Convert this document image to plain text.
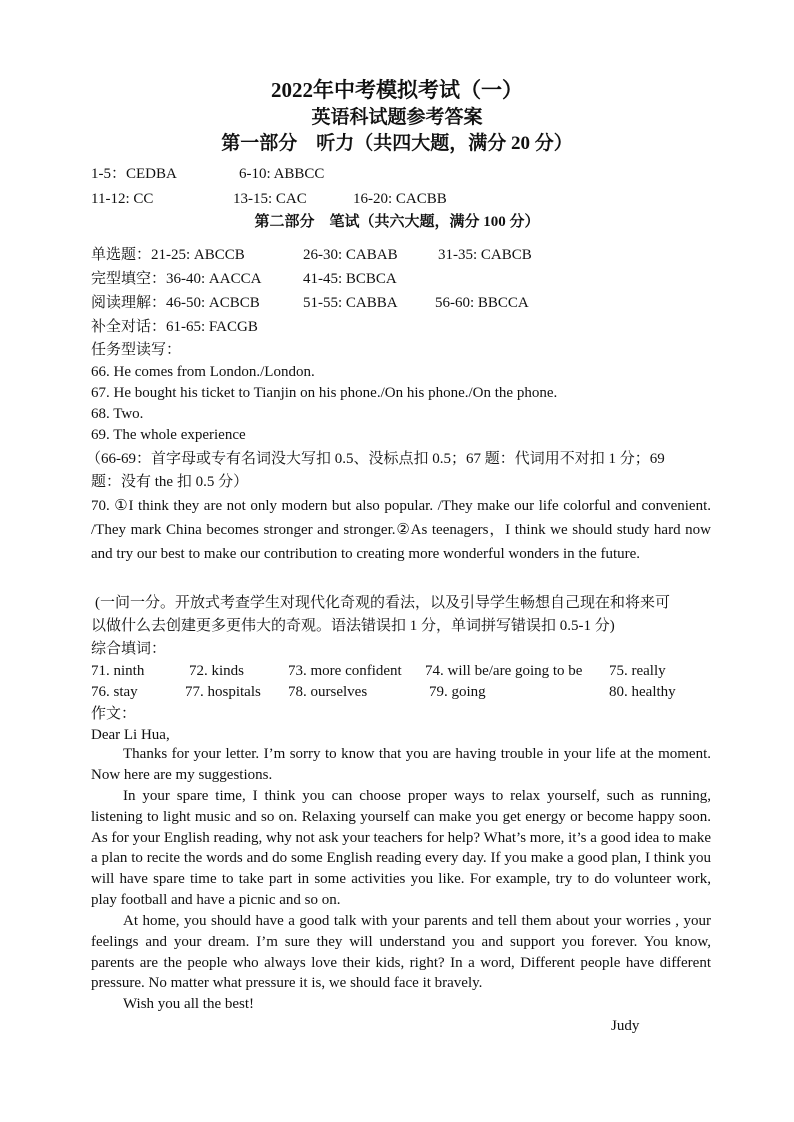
2022年中考模拟考试（一）
英语科试题参考答案
第一部分　听力（共四大题，满分 20 分）
1-5：CEDBA	6-10: ABBCC
11-12: CC	13-15: CAC	16-20: CACBB
第二部分　笔试（共六大题，满分 100 分）
单选题：21-25: ABCCB	26-30: CABAB	31-35: CABCB
完型填空：36-40: AACCA	41-45: BCBCA
阅读理解：46-50: ACBCB	51-55: CABBA 56-60: BBCCA
补全对话：61-65: FACGB
任务型读写：
66. He comes from London./London.
67. He bought his ticket to Tianjin on his phone./On his phone./On the phone.
68. Two.
69. The whole experience
（66-69：首字母或专有名词没大写扣 0.5、没标点扣 0.5；67 题：代词用不对扣 1 分；69
题：没有 the 扣 0.5 分）
70. ①I think they are not only modern but also popular. /They make our life colorful and convenient. /They mark China becomes stronger and stronger.②As teenagers，I think we should study hard now and try our best to make our contribution to creating more wonderful wonders in the future.
(一问一分。开放式考查学生对现代化奇观的看法，以及引导学生畅想自己现在和将来可
以做什么去创建更多更伟大的奇观。语法错误扣 1 分，单词拼写错误扣 0.5-1 分)
综合填词：
71. ninth	72. kinds	73. more confident 74. will be/are going to be 75. really
76. stay	77. hospitals 78. ourselves	79. going	80. healthy
作文：
Dear Li Hua,
Thanks for your letter. I’m sorry to know that you are having trouble in your life at the moment. Now here are my suggestions.
In your spare time, I think you can choose proper ways to relax yourself, such as running, listening to light music and so on. Relaxing yourself can make you get energy or become happy soon. As for your English reading, why not ask your teachers for help? What’s more, it’s a good idea to make a plan to recite the words and do some English reading every day. If you make a good plan, I think you will have spare time to take part in some activities you like. For example, try to do volunteer work, play football and have a picnic and so on.
At home, you should have a good talk with your parents and tell them about your worries , your feelings and your dream. I’m sure they will understand you and support you forever. You know, parents are the people who always love their kids, right? In a word, Different people have different pressure. No matter what pressure it is, we should face it bravely.
Wish you all the best!
Judy
